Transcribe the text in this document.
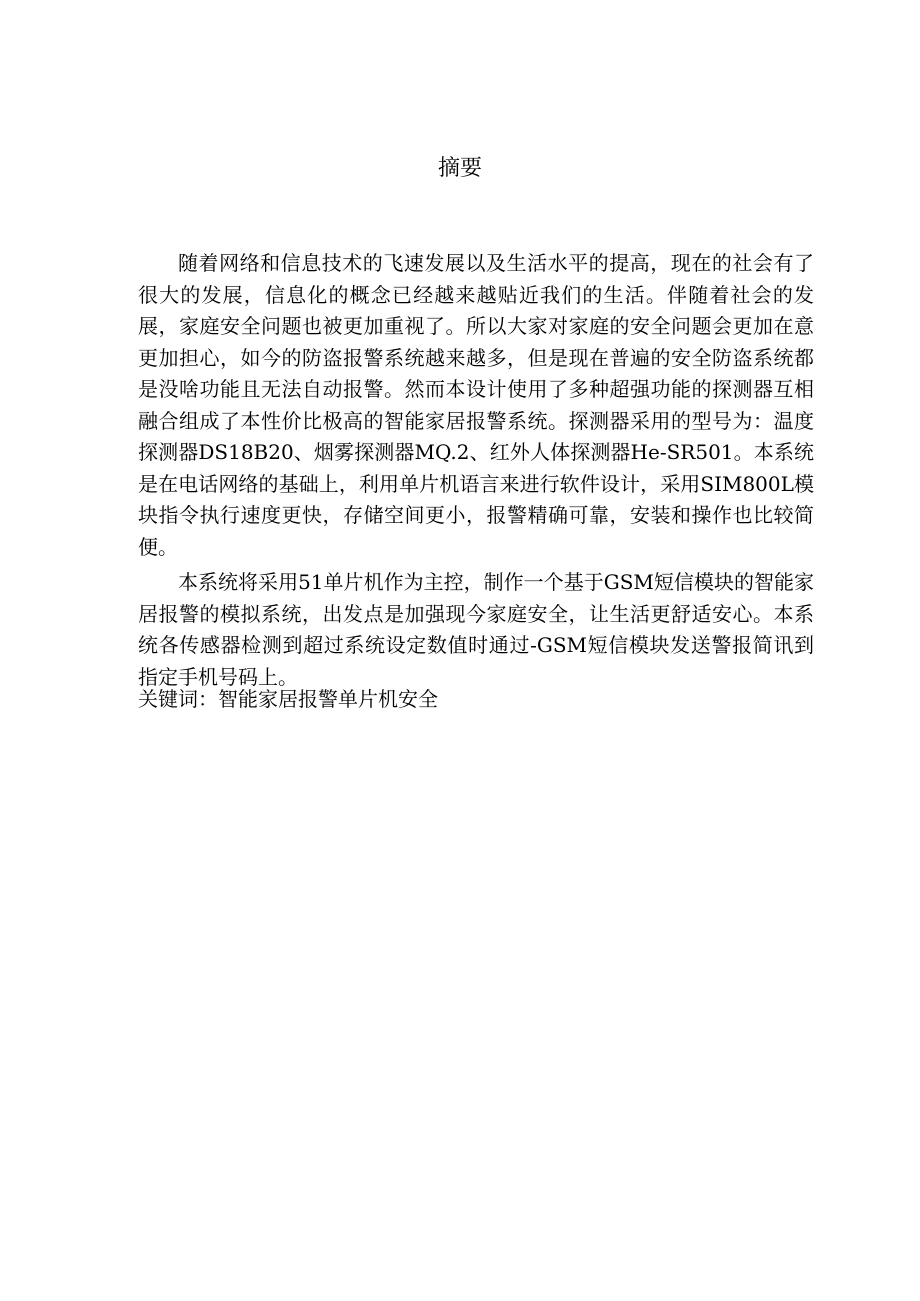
摘要

随着网络和信息技术的飞速发展以及生活水平的提高，现在的社会有了很大的发展，信息化的概念已经越来越贴近我们的生活。伴随着社会的发展，家庭安全问题也被更加重视了。所以大家对家庭的安全问题会更加在意更加担心，如今的防盗报警系统越来越多，但是现在普遍的安全防盗系统都是没啥功能且无法自动报警。然而本设计使用了多种超强功能的探测器互相融合组成了本性价比极高的智能家居报警系统。探测器采用的型号为：温度探测器DS18B20、烟雾探测器MQ.2、红外人体探测器He-SR501。本系统是在电话网络的基础上，利用单片机语言来进行软件设计，采用SIM800L模块指令执行速度更快，存储空间更小，报警精确可靠，安装和操作也比较简便。

本系统将采用51单片机作为主控，制作一个基于GSM短信模块的智能家居报警的模拟系统，出发点是加强现今家庭安全，让生活更舒适安心。本系统各传感器检测到超过系统设定数值时通过-GSM短信模块发送警报简讯到指定手机号码上。

关键词：智能家居报警单片机安全
